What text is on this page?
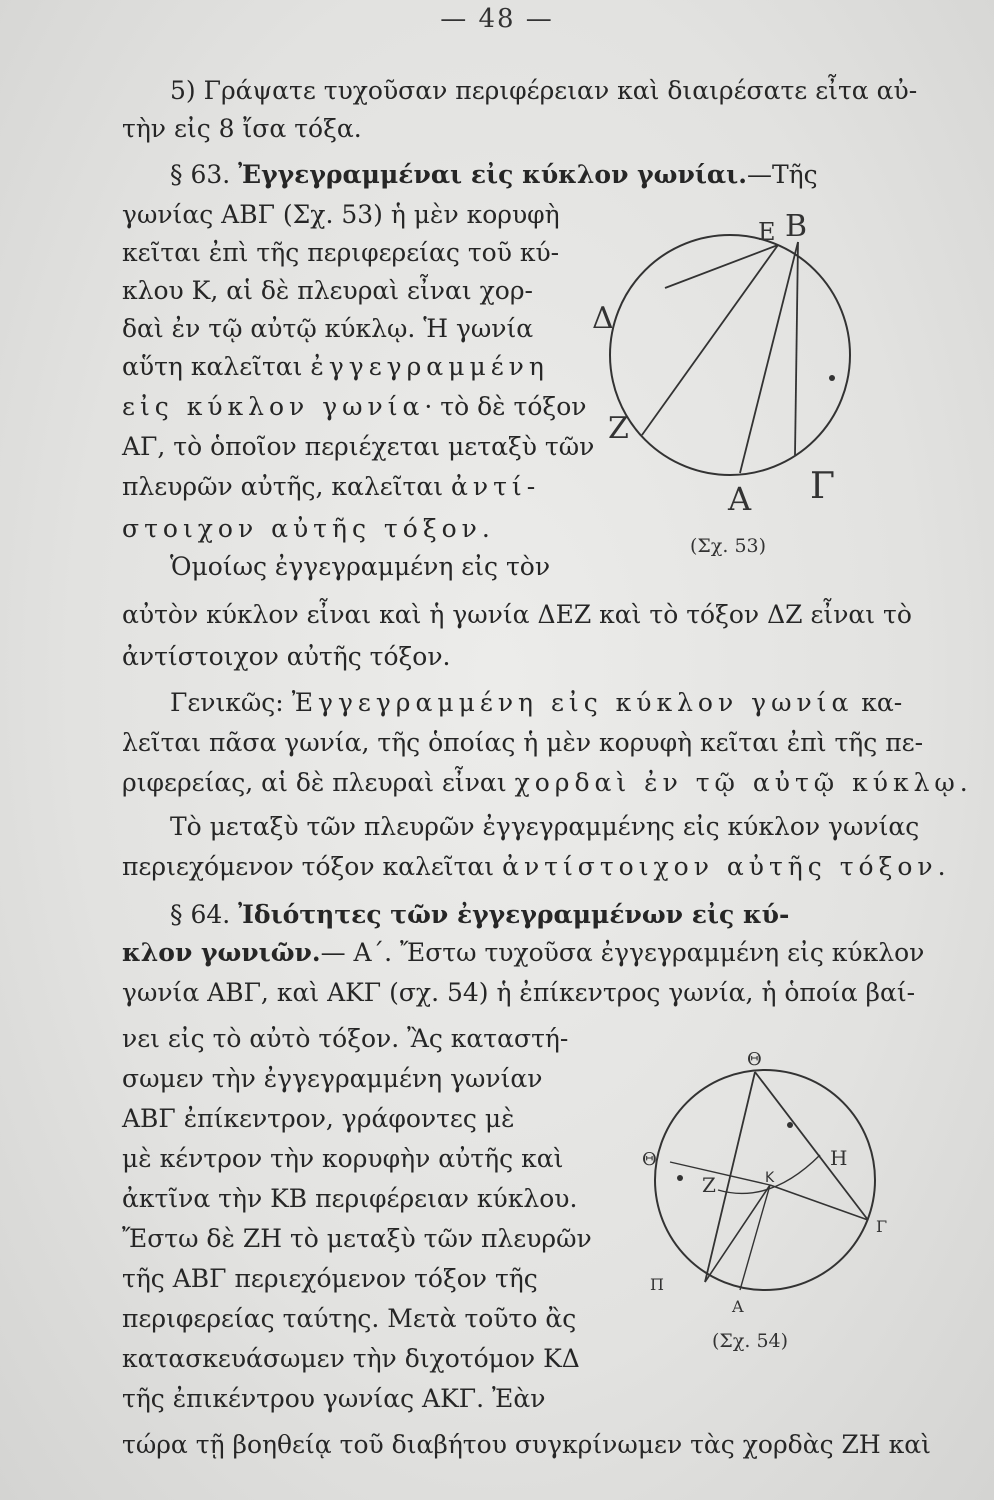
— 48 —
5) Γράψατε τυχοῦσαν περιφέρειαν καὶ διαιρέσατε εἶτα αὐ-
τὴν εἰς 8 ἴσα τόξα.
§ 63. Ἐγγεγραμμέναι εἰς κύκλον γωνίαι.—Τῆς
γωνίας ΑΒΓ (Σχ. 53) ἡ μὲν κορυφὴ
κεῖται ἐπὶ τῆς περιφερείας τοῦ κύ-
κλου Κ, αἱ δὲ πλευραὶ εἶναι χορ-
δαὶ ἐν τῷ αὐτῷ κύκλῳ. Ἡ γωνία
αὕτη καλεῖται ἐγγεγραμμένη
εἰς κύκλον γωνία· τὸ δὲ τόξον
ΑΓ, τὸ ὁποῖον περιέχεται μεταξὺ τῶν
πλευρῶν αὐτῆς, καλεῖται ἀντί-
στοιχον αὐτῆς τόξον.
Ὁμοίως ἐγγεγραμμένη εἰς τὸν
αὐτὸν κύκλον εἶναι καὶ ἡ γωνία ΔΕΖ καὶ τὸ τόξον ΔΖ εἶναι τὸ
ἀντίστοιχον αὐτῆς τόξον.
Γενικῶς: Ἐγγεγραμμένη εἰς κύκλον γωνία κα-
λεῖται πᾶσα γωνία, τῆς ὁποίας ἡ μὲν κορυφὴ κεῖται ἐπὶ τῆς πε-
ριφερείας, αἱ δὲ πλευραὶ εἶναι χορδαὶ ἐν τῷ αὐτῷ κύκλῳ.
Τὸ μεταξὺ τῶν πλευρῶν ἐγγεγραμμένης εἰς κύκλον γωνίας
περιεχόμενον τόξον καλεῖται ἀντίστοιχον αὐτῆς τόξον.
§ 64. Ἰδιότητες τῶν ἐγγεγραμμένων εἰς κύ-
κλον γωνιῶν.— Α΄. Ἔστω τυχοῦσα ἐγγεγραμμένη εἰς κύκλον
γωνία ΑΒΓ, καὶ ΑΚΓ (σχ. 54) ἡ ἐπίκεντρος γωνία, ἡ ὁποία βαί-
νει εἰς τὸ αὐτὸ τόξον. Ἂς καταστή-
σωμεν τὴν ἐγγεγραμμένη γωνίαν
ΑΒΓ ἐπίκεντρον, γράφοντες μὲ
μὲ κέντρον τὴν κορυφὴν αὐτῆς καὶ
ἀκτῖνα τὴν ΚΒ περιφέρειαν κύκλου.
Ἔστω δὲ ΖΗ τὸ μεταξὺ τῶν πλευρῶν
τῆς ΑΒΓ περιεχόμενον τόξον τῆς
περιφερείας ταύτης. Μετὰ τοῦτο ἂς
κατασκευάσωμεν τὴν διχοτόμον ΚΔ
τῆς ἐπικέντρου γωνίας ΑΚΓ. Ἐὰν
τώρα τῇ βοηθείᾳ τοῦ διαβήτου συγκρίνωμεν τὰς χορδὰς ΖΗ καὶ
E B
Δ
Z
A Γ
(Σχ. 53)
Θ
Θ
Z	K
H
Γ
A
Π
(Σχ. 54)
